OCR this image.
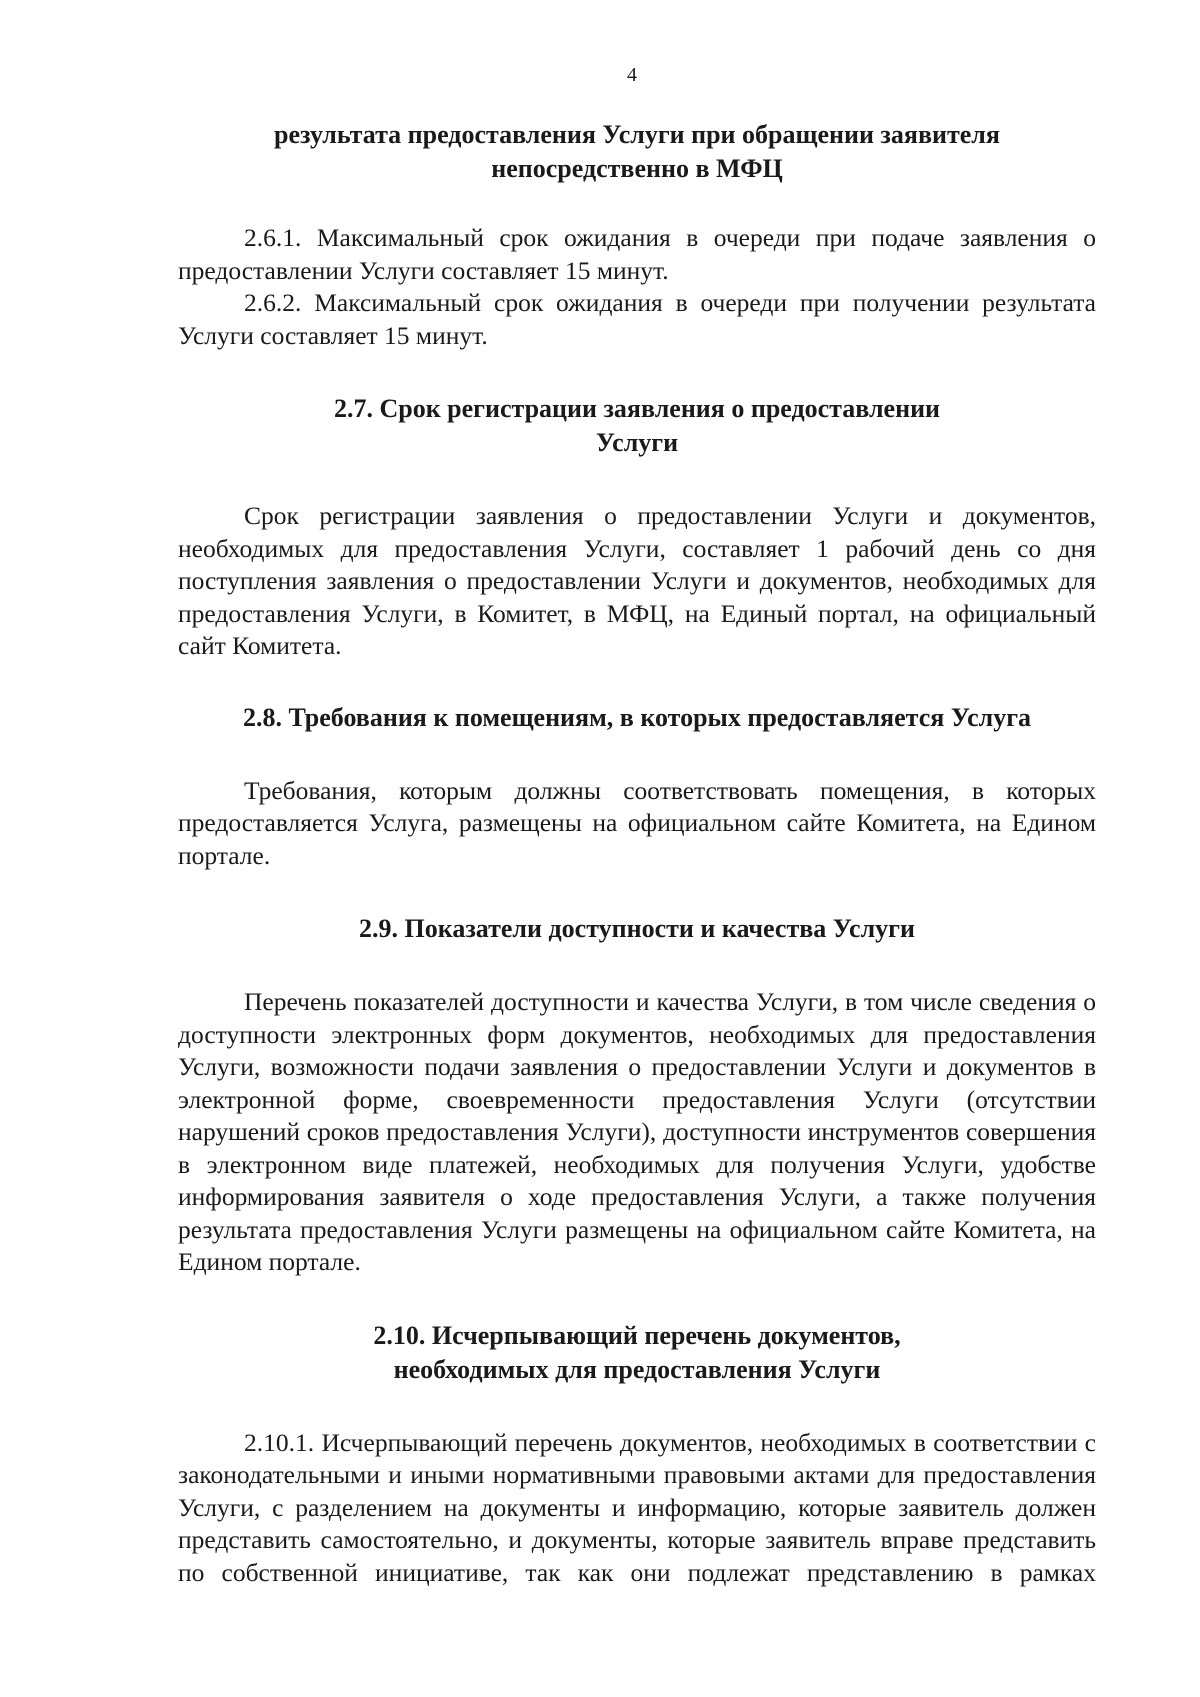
4

результата предоставления Услуги при обращении заявителя
непосредственно в МФЦ

2.6.1. Максимальный срок ожидания в очереди при подаче заявления о предоставлении Услуги составляет 15 минут.

2.6.2. Максимальный срок ожидания в очереди при получении результата Услуги составляет 15 минут.

2.7. Срок регистрации заявления о предоставлении
Услуги

Срок регистрации заявления о предоставлении Услуги и документов, необходимых для предоставления Услуги, составляет 1 рабочий день со дня поступления заявления о предоставлении Услуги и документов, необходимых для предоставления Услуги, в Комитет, в МФЦ, на Единый портал, на официальный сайт Комитета.

2.8. Требования к помещениям, в которых предоставляется Услуга

Требования, которым должны соответствовать помещения, в которых предоставляется Услуга, размещены на официальном сайте Комитета, на Едином портале.

2.9. Показатели доступности и качества Услуги

Перечень показателей доступности и качества Услуги, в том числе сведения о доступности электронных форм документов, необходимых для предоставления Услуги, возможности подачи заявления о предоставлении Услуги и документов в электронной форме, своевременности предоставления Услуги (отсутствии нарушений сроков предоставления Услуги), доступности инструментов совершения в электронном виде платежей, необходимых для получения Услуги, удобстве информирования заявителя о ходе предоставления Услуги, а также получения результата предоставления Услуги размещены на официальном сайте Комитета, на Едином портале.

2.10. Исчерпывающий перечень документов,
необходимых для предоставления Услуги

2.10.1. Исчерпывающий перечень документов, необходимых в соответствии с законодательными и иными нормативными правовыми актами для предоставления Услуги, с разделением на документы и информацию, которые заявитель должен представить самостоятельно, и документы, которые заявитель вправе представить по собственной инициативе, так как они подлежат представлению в рамках
